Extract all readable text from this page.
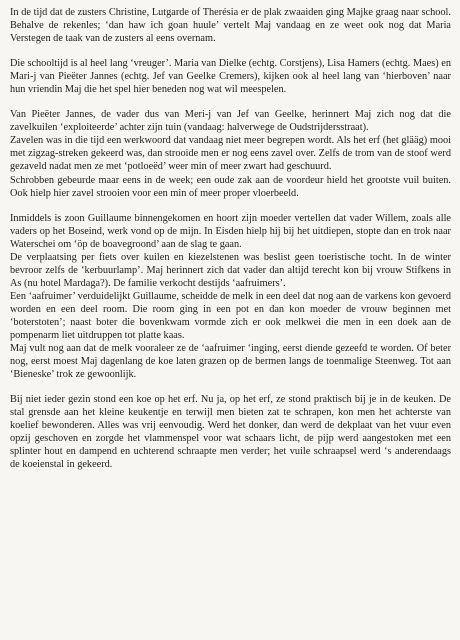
In de tijd dat de zusters Christine, Lutgarde of Therésia er de plak zwaaiden ging Majke graag naar school. Behalve de rekenles; ‘dan haw ich goan huule’ vertelt Maj vandaag en ze weet ook nog dat Maria Verstegen de taak van de zusters al eens overnam.

Die schooltijd is al heel lang ‘vreuger’. Maria van Dielke (echtg. Corstjens), Lisa Hamers (echtg. Maes) en Mari-j van Pieëter Jannes (echtg. Jef van Geelke Cremers), kijken ook al heel lang van ‘hierboven’ naar hun vriendin Maj die het spel hier beneden nog wat wil meespelen.

Van Pieëter Jannes, de vader dus van Meri-j van Jef van Geelke, herinnert Maj zich nog dat die zavelkuilen ‘exploiteerde’ achter zijn tuin (vandaag: halverwege de Oudstrijdersstraat).

Zavelen was in die tijd een werkwoord dat vandaag niet meer begrepen wordt. Als het erf (het glääg) mooi met zigzag-streken gekeerd was, dan strooide men er nog eens zavel over. Zelfs de trom van de stoof werd gezaveld nadat men ze met ‘potloeëd’ weer min of meer zwart had geschuurd.

Schrobben gebeurde maar eens in de week; een oude zak aan de voordeur hield het grootste vuil buiten. Ook hielp hier zavel strooien voor een min of meer proper vloerbeeld.

Inmiddels is zoon Guillaume binnengekomen en hoort zijn moeder vertellen dat vader Willem, zoals alle vaders op het Boseind, werk vond op de mijn. In Eisden hielp hij bij het uitdiepen, stopte dan en trok naar Waterschei om ‘öp de boavegroond’ aan de slag te gaan.

De verplaatsing per fiets over kuilen en kiezelstenen was beslist geen toeristische tocht. In de winter bevroor zelfs de ‘kerbuurlamp’. Maj herinnert zich dat vader dan altijd terecht kon bij vrouw Stifkens in As (nu hotel Mardaga?). De familie verkocht destijds ‘aafruimers’.

Een ‘aafruimer’ verduidelijkt Guillaume, scheidde de melk in een deel dat nog aan de varkens kon gevoerd worden en een deel room. Die room ging in een pot en dan kon moeder de vrouw beginnen met ‘boterstoten’; naast boter die bovenkwam vormde zich er ook melkwei die men in een doek aan de pompenarm liet uitdruppen tot platte kaas.

Maj vult nog aan dat de melk vooraleer ze de ‘aafruimer ‘inging, eerst diende gezeefd te worden. Of beter nog, eerst moest Maj dagenlang de koe laten grazen op de bermen langs de toenmalige Steenweg. Tot aan ‘Bieneske’ trok ze gewoonlijk.

Bij niet ieder gezin stond een koe op het erf. Nu ja, op het erf, ze stond praktisch bij je in de keuken. De stal grensde aan het kleine keukentje en terwijl men bieten zat te schrapen, kon men het achterste van koelief bewonderen. Alles was vrij eenvoudig. Werd het donker, dan werd de dekplaat van het vuur even opzij geschoven en zorgde het vlammenspel voor wat schaars licht, de pijp werd aangestoken met een splinter hout en dampend en uchterend schraapte men verder; het vuile schraapsel werd ‘s anderendaags de koeienstal in gekeerd.
